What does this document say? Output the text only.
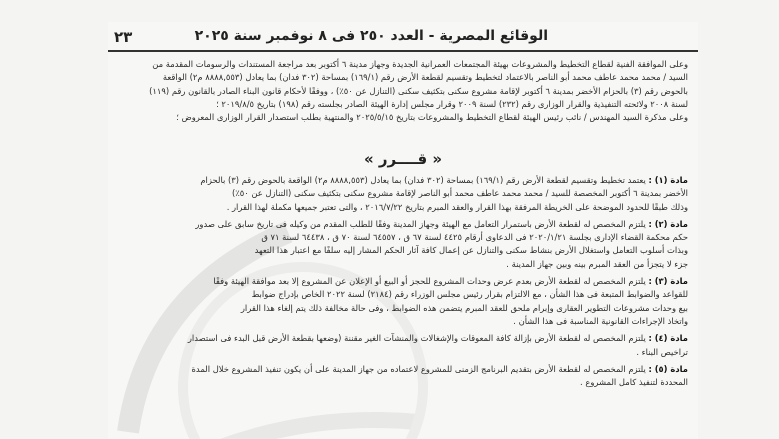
٢٣	الوقائع المصرية - العدد ٢٥٠ فى ٨ نوفمبر سنة ٢٠٢٥
وعلى الموافقة الفنية لقطاع التخطيط والمشروعات بهيئة المجتمعات العمرانية الجديدة وجهاز مدينة ٦ أكتوبر بعد مراجعة المستندات والرسومات المقدمة من
السيد / محمد محمد عاطف محمد أبو الناصر بالاعتماد لتخطيط وتقسيم لقطعة الأرض رقم (١٦٩/١) بمساحة (٣٠٢ فدان) بما يعادل (٨٨٨٨,٥٥٣ م٢) الواقعة
بالحوض رقم (٣) بالحزام الأخضر بمدينة ٦ أكتوبر لإقامة مشروع سكنى بتكثيف سكنى (التنازل عن ٥٠٪) ، ووفقًا لأحكام قانون البناء الصادر بالقانون رقم (١١٩)
لسنة ٢٠٠٨ ولائحته التنفيذية والقرار الوزارى رقم (٢٣٢) لسنة ٢٠٠٩ وقرار مجلس إدارة الهيئة الصادر بجلسته رقم (١٩٨) بتاريخ ٢٠١٩/٨/٥ ؛
وعلى مذكرة السيد المهندس / نائب رئيس الهيئة لقطاع التخطيط والمشروعات بتاريخ ٢٠٢٥/٥/١٥ والمنتهية بطلب استصدار القرار الوزارى المعروض ؛
« قــــرر »
مادة (١) : يعتمد تخطيط وتقسيم لقطعة الأرض رقم (١٦٩/١) بمساحة (٣٠٢ فدان) بما يعادل (٨٨٨٨,٥٥٣ م٢) الواقعة بالحوض رقم (٣) بالحزام
الأخضر بمدينة ٦ أكتوبر المخصصة للسيد / محمد محمد عاطف محمد أبو الناصر لإقامة مشروع سكنى بتكثيف سكنى (التنازل عن ٥٠٪)
وذلك طبقًا للحدود الموضحة على الخريطة المرفقة بهذا القرار والعقد المبرم بتاريخ ٢٠١٦/٧/٢٢ ، والتى تعتبر جميعها مكملة لهذا القرار .
مادة (٢) : يلتزم المخصص له لقطعة الأرض باستمرار التعامل مع الهيئة وجهاز المدينة وفقًا للطلب المقدم من وكيله فى تاريخ سابق على صدور
حكم محكمة القضاء الإدارى بجلسة ٢٠٢٠/١/٢١ فى الدعاوى أرقام ٤٤٢٥ لسنة ٦٧ ق ، ٦٤٥٥٧ لسنة ٧٠ ق ، ٦٤٤٣٨ لسنة ٧١ ق
وبذات أسلوب التعامل واستغلال الأرض بنشاط سكنى والتنازل عن إعمال كافة آثار الحكم المشار إليه سلفًا مع اعتبار هذا التعهد
جزء لا يتجزأ من العقد المبرم بينه وبين جهاز المدينة .
مادة (٣) : يلتزم المخصص له لقطعة الأرض بعدم عرض وحدات المشروع للحجز أو البيع أو الإعلان عن المشروع إلا بعد موافقة الهيئة وفقًا
للقواعد والضوابط المتبعة فى هذا الشأن ، مع الالتزام بقرار رئيس مجلس الوزراء رقم (٢١٨٤) لسنة ٢٠٢٢ الخاص بإدراج ضوابط
بيع وحدات مشروعات التطوير العقارى وإبرام ملحق للعقد المبرم يتضمن هذه الضوابط ، وفى حالة مخالفة ذلك يتم إلغاء هذا القرار
واتخاذ الإجراءات القانونية المناسبة فى هذا الشأن .
مادة (٤) : يلتزم المخصص له لقطعة الأرض بإزالة كافة المعوقات والإشغالات والمنشآت الغير مقننة (وضعها بقطعة الأرض قبل البدء فى استصدار
تراخيص البناء .
مادة (٥) : يلتزم المخصص له لقطعة الأرض بتقديم البرنامج الزمنى للمشروع لاعتماده من جهاز المدينة على أن يكون تنفيذ المشروع خلال المدة
المحددة لتنفيذ كامل المشروع .
